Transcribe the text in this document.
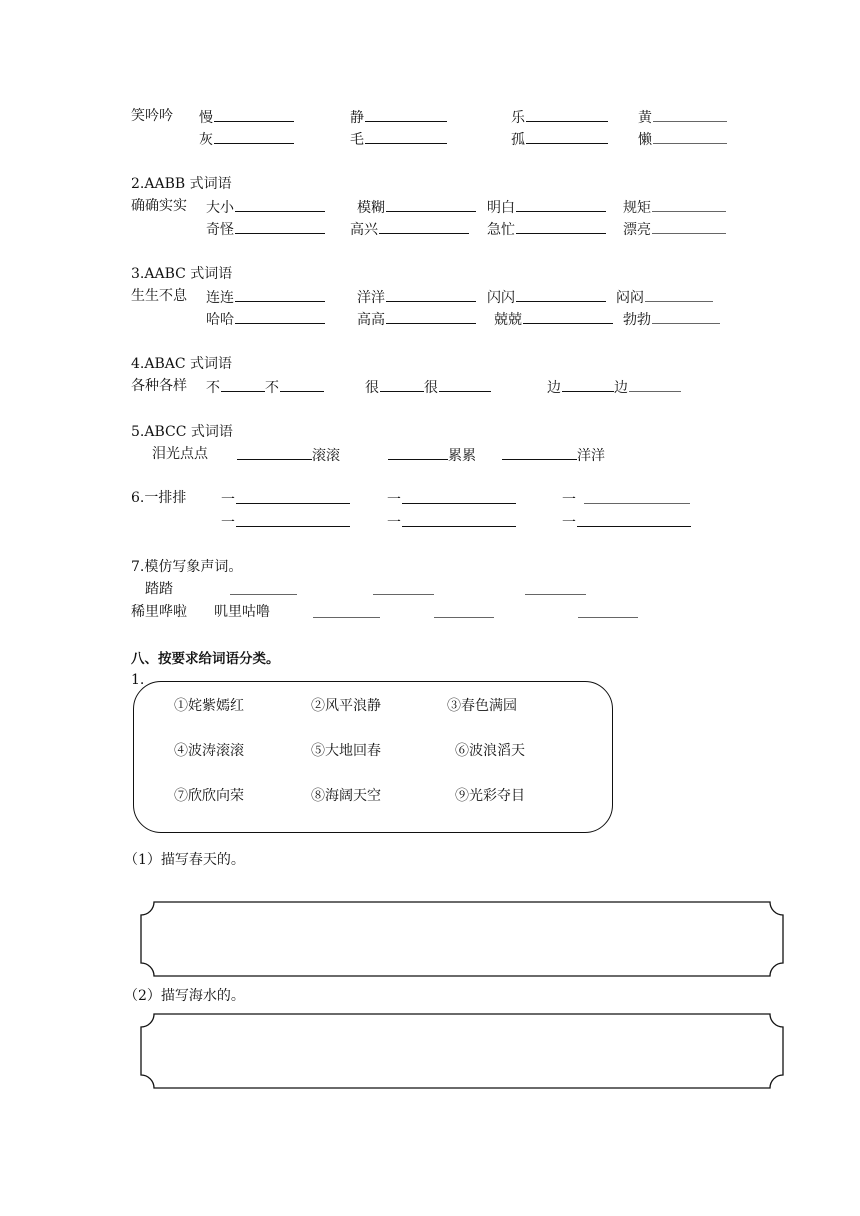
笑吟吟 慢	静	乐	黄
灰	毛	孤	懒
2.AABB 式词语
确确实实 大小	模糊	明白	规矩
奇怪	高兴	急忙	漂亮
3.AABC 式词语
生生不息 连连	洋洋	闪闪	闷闷
哈哈	高高	兢兢	勃勃
4.ABAC 式词语
各种各样 不	不	很	很	边	边
5.ABCC 式词语
泪光点点	滚滚	累累	洋洋
6.一排排 一	一	一
一	一	一
7.模仿写象声词。
踏踏
稀里哗啦 叽里咕噜
八、按要求给词语分类。
1.
①姹紫嫣红	②风平浪静	③春色满园
④波涛滚滚	⑤大地回春	⑥波浪滔天
⑦欣欣向荣	⑧海阔天空	⑨光彩夺目
（1）描写春天的。
（2）描写海水的。
